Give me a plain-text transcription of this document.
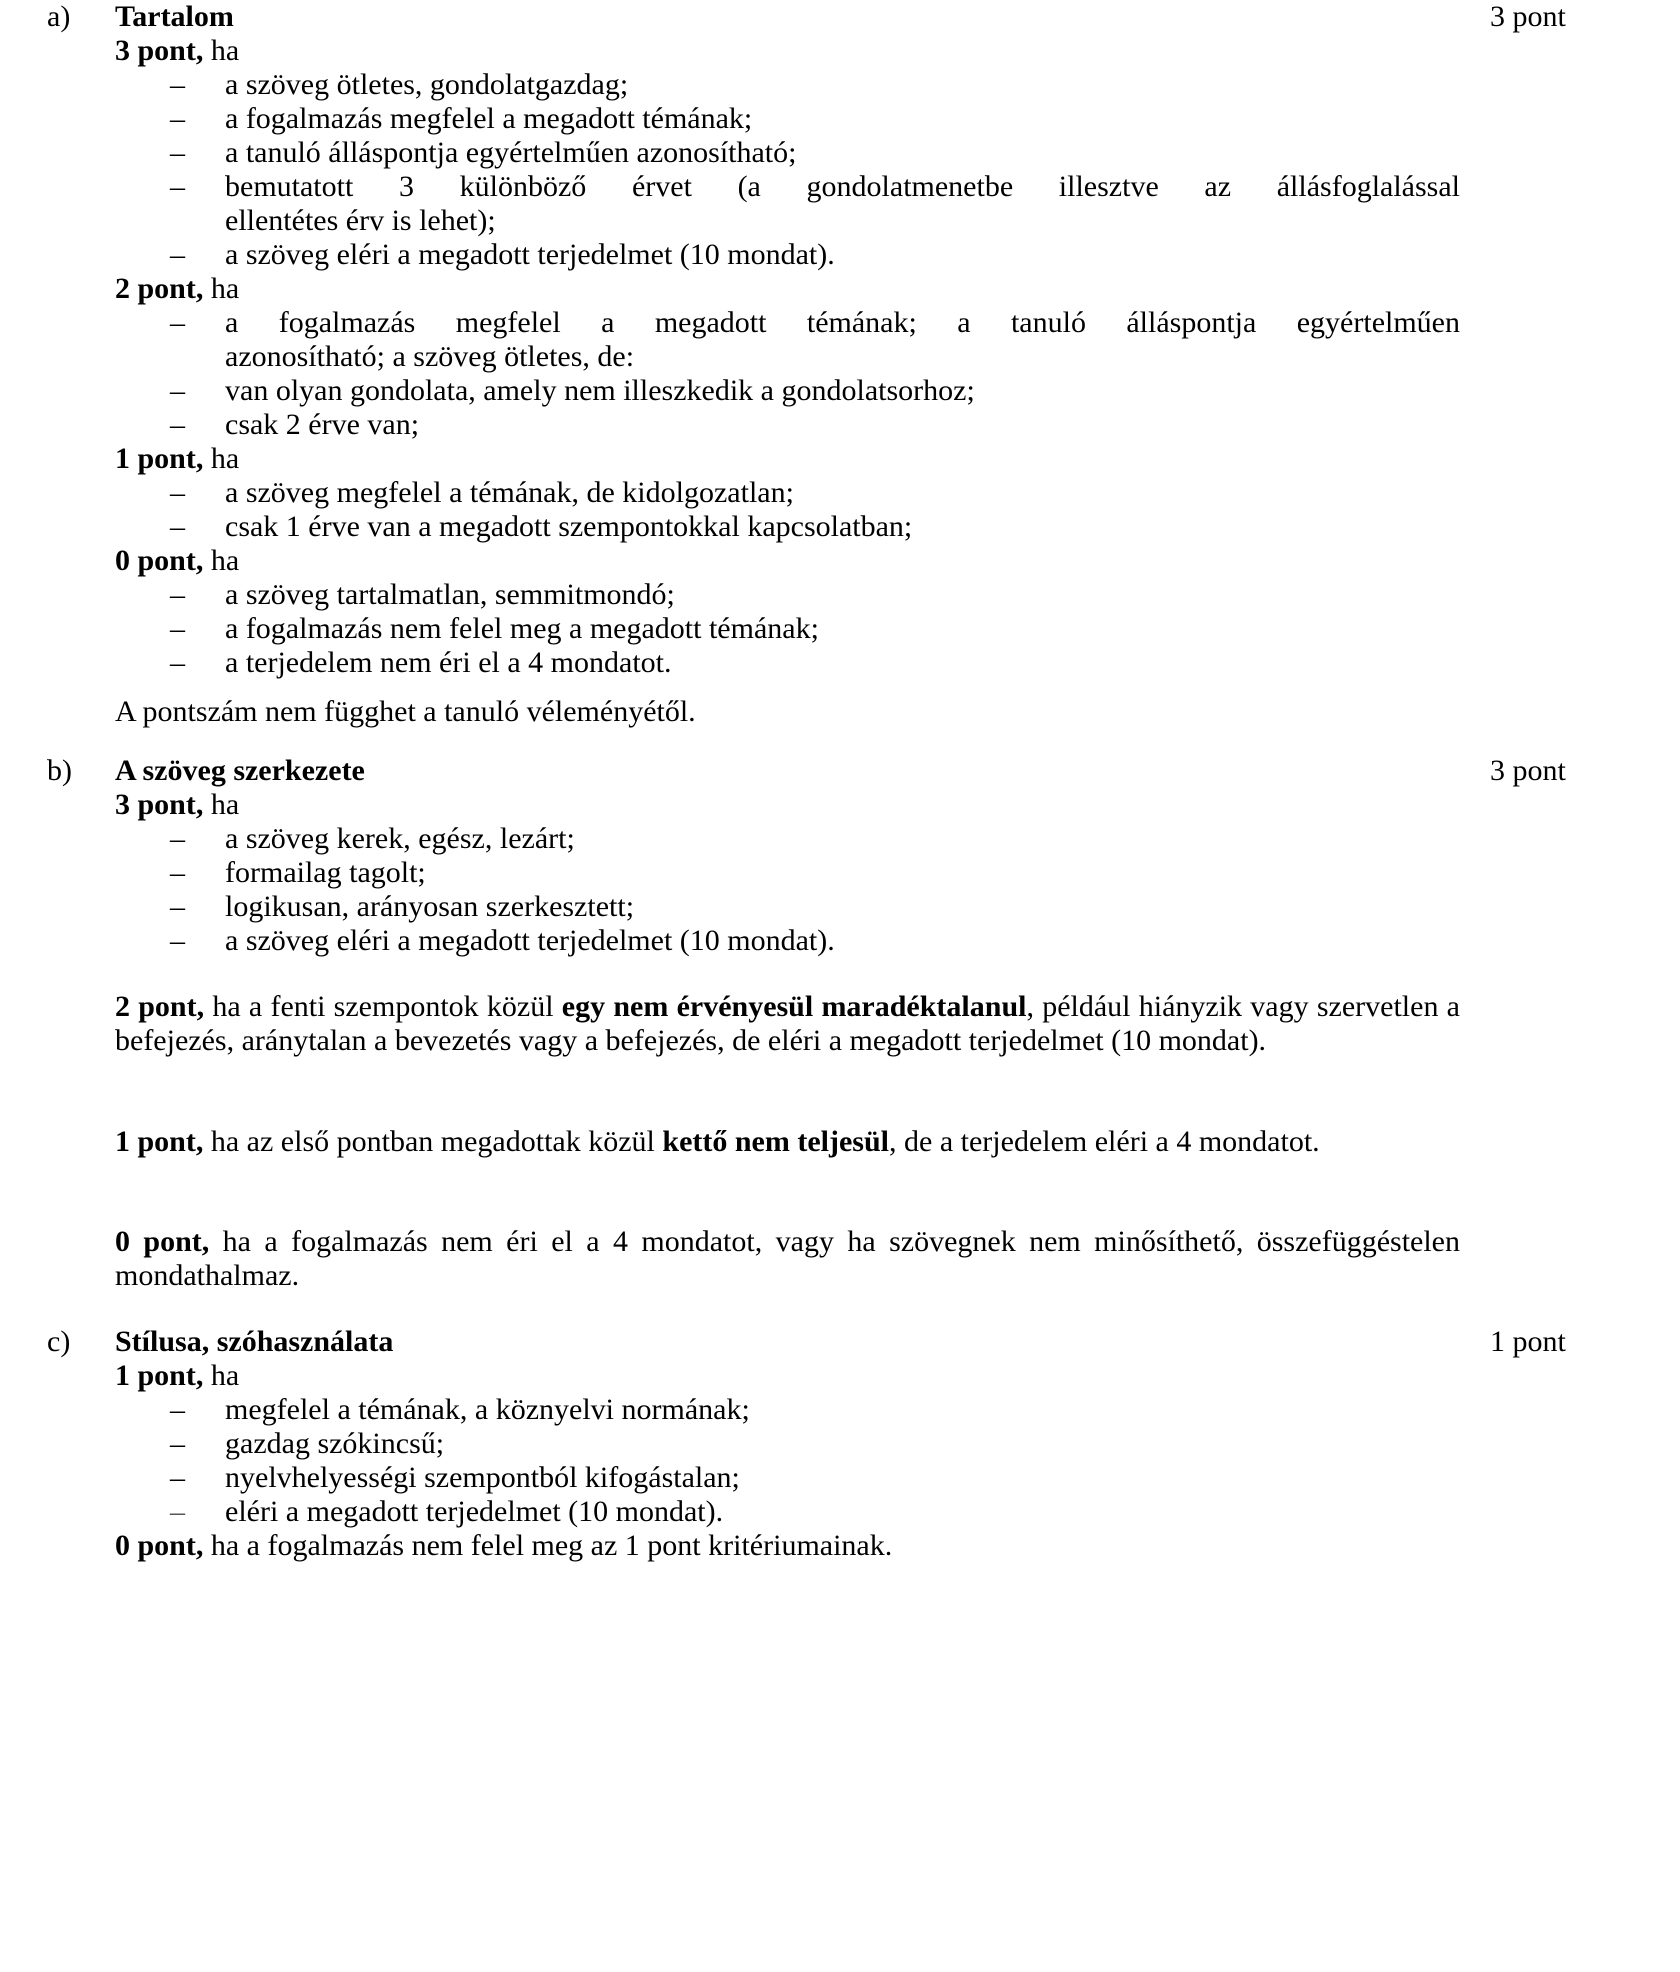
a) Tartalom	3 pont
3 pont, ha
– a szöveg ötletes, gondolatgazdag;
– a fogalmazás megfelel a megadott témának;
– a tanuló álláspontja egyértelműen azonosítható;
– bemutatott 3 különböző érvet (a gondolatmenetbe illesztve az állásfoglalással
ellentétes érv is lehet);
– a szöveg eléri a megadott terjedelmet (10 mondat).
2 pont, ha
– a fogalmazás megfelel a megadott témának; a tanuló álláspontja egyértelműen
azonosítható; a szöveg ötletes, de:
– van olyan gondolata, amely nem illeszkedik a gondolatsorhoz;
– csak 2 érve van;
1 pont, ha
– a szöveg megfelel a témának, de kidolgozatlan;
– csak 1 érve van a megadott szempontokkal kapcsolatban;
0 pont, ha
– a szöveg tartalmatlan, semmitmondó;
– a fogalmazás nem felel meg a megadott témának;
– a terjedelem nem éri el a 4 mondatot.
A pontszám nem függhet a tanuló véleményétől.
b) A szöveg szerkezete	3 pont
3 pont, ha
– a szöveg kerek, egész, lezárt;
– formailag tagolt;
– logikusan, arányosan szerkesztett;
– a szöveg eléri a megadott terjedelmet (10 mondat).

2 pont, ha a fenti szempontok közül egy nem érvényesül maradéktalanul, például hiányzik vagy szervetlen a befejezés, aránytalan a bevezetés vagy a befejezés, de eléri a megadott terjedelmet (10 mondat).

1 pont, ha az első pontban megadottak közül kettő nem teljesül, de a terjedelem eléri a 4 mondatot.

0 pont, ha a fogalmazás nem éri el a 4 mondatot, vagy ha szövegnek nem minősíthető, összefüggéstelen mondathalmaz.

c) Stílusa, szóhasználata	1 pont
1 pont, ha
– megfelel a témának, a köznyelvi normának;
– gazdag szókincsű;
– nyelvhelyességi szempontból kifogástalan;
– eléri a megadott terjedelmet (10 mondat).
0 pont, ha a fogalmazás nem felel meg az 1 pont kritériumainak.
